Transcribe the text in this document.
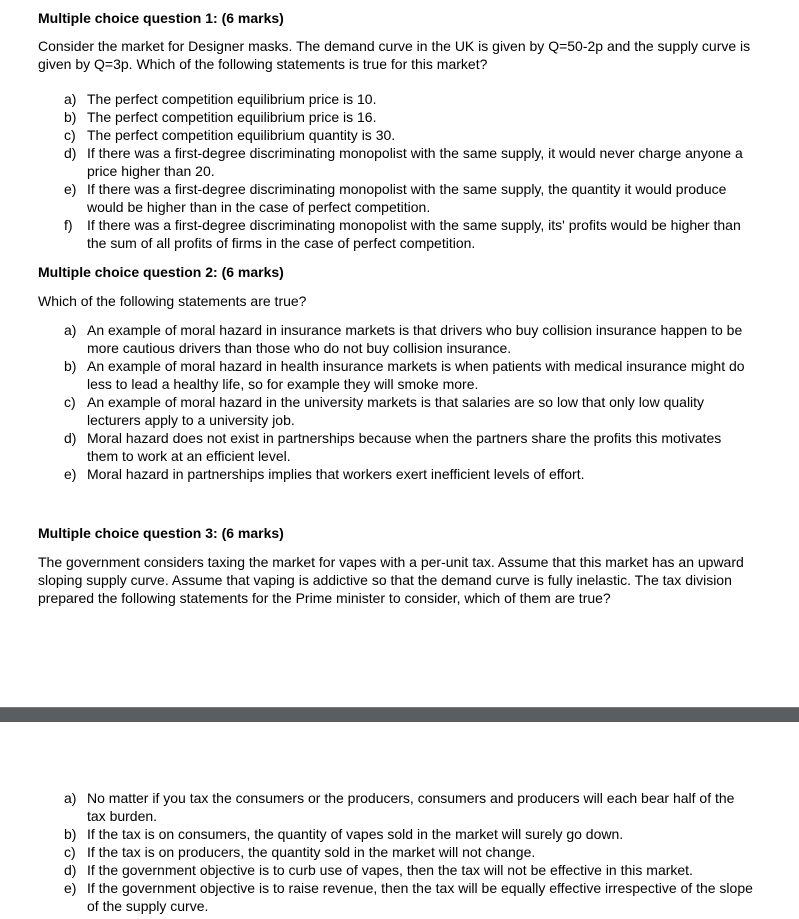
Multiple choice question 1: (6 marks)

Consider the market for Designer masks. The demand curve in the UK is given by Q=50-2p and the supply curve is given by Q=3p. Which of the following statements is true for this market?

a) The perfect competition equilibrium price is 10.
b) The perfect competition equilibrium price is 16.
c) The perfect competition equilibrium quantity is 30.
d) If there was a first-degree discriminating monopolist with the same supply, it would never charge anyone a price higher than 20.
e) If there was a first-degree discriminating monopolist with the same supply, the quantity it would produce would be higher than in the case of perfect competition.
f) If there was a first-degree discriminating monopolist with the same supply, its' profits would be higher than the sum of all profits of firms in the case of perfect competition.
Multiple choice question 2: (6 marks)

Which of the following statements are true?

a) An example of moral hazard in insurance markets is that drivers who buy collision insurance happen to be more cautious drivers than those who do not buy collision insurance.
b) An example of moral hazard in health insurance markets is when patients with medical insurance might do less to lead a healthy life, so for example they will smoke more.
c) An example of moral hazard in the university markets is that salaries are so low that only low quality lecturers apply to a university job.
d) Moral hazard does not exist in partnerships because when the partners share the profits this motivates them to work at an efficient level.
e) Moral hazard in partnerships implies that workers exert inefficient levels of effort.
Multiple choice question 3: (6 marks)

The government considers taxing the market for vapes with a per-unit tax. Assume that this market has an upward sloping supply curve. Assume that vaping is addictive so that the demand curve is fully inelastic. The tax division prepared the following statements for the Prime minister to consider, which of them are true?

a) No matter if you tax the consumers or the producers, consumers and producers will each bear half of the tax burden.
b) If the tax is on consumers, the quantity of vapes sold in the market will surely go down.
c) If the tax is on producers, the quantity sold in the market will not change.
d) If the government objective is to curb use of vapes, then the tax will not be effective in this market.
e) If the government objective is to raise revenue, then the tax will be equally effective irrespective of the slope of the supply curve.
